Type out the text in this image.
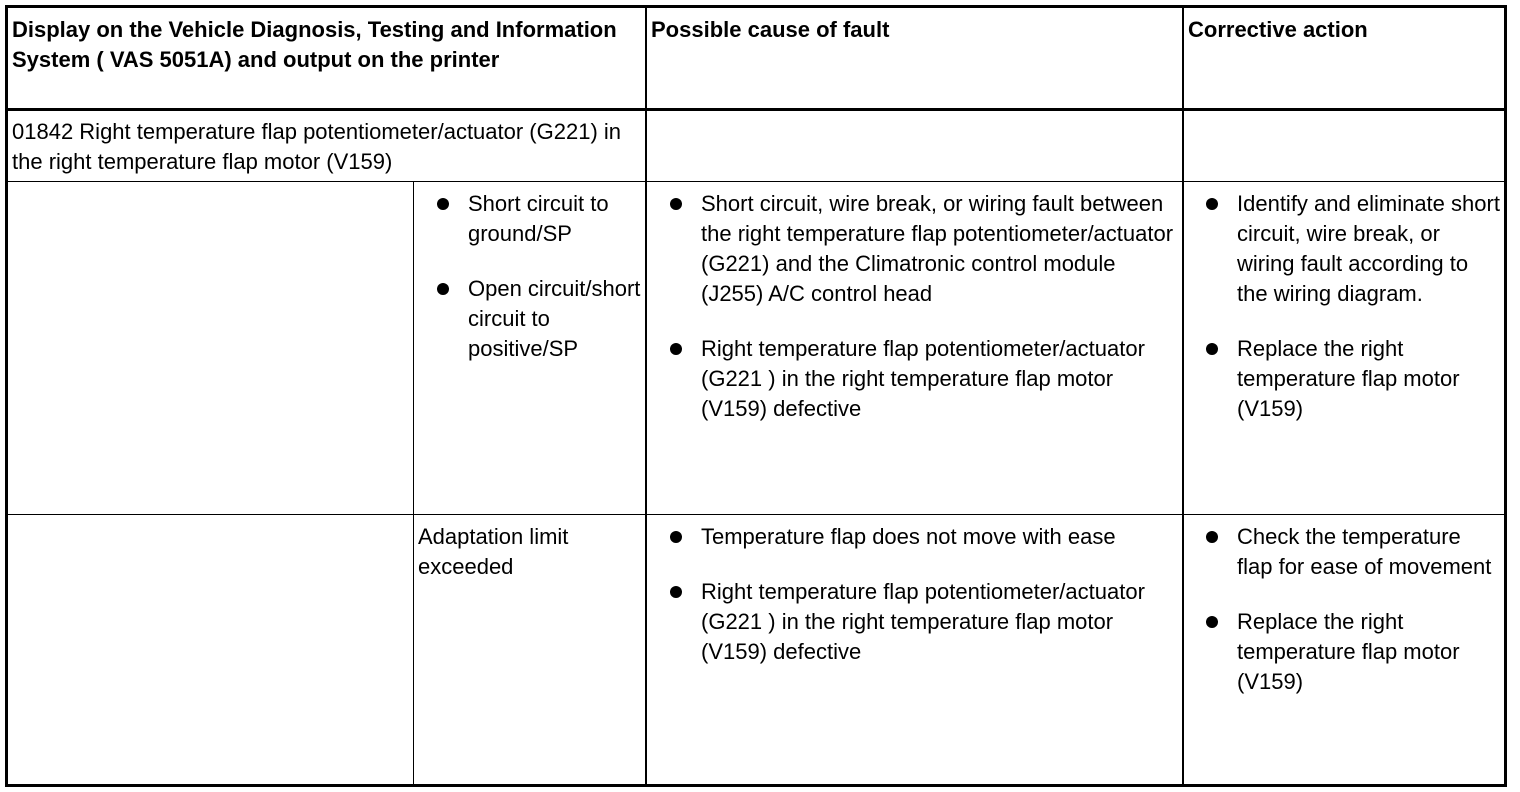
Display on the Vehicle Diagnosis, Testing and Information System ( VAS 5051A) and output on the printer
Possible cause of fault	Corrective action
01842 Right temperature flap potentiometer/actuator (G221) in the right temperature flap motor (V159)
Short circuit to ground/SP
Open circuit/short circuit to positive/SP
Short circuit, wire break, or wiring fault between the right temperature flap potentiometer/actuator (G221) and the Climatronic control module (J255) A/C control head
Right temperature flap potentiometer/actuator (G221 ) in the right temperature flap motor (V159) defective
Identify and eliminate short circuit, wire break, or wiring fault according to the wiring diagram.
Replace the right temperature flap motor (V159)
Adaptation limit exceeded
Temperature flap does not move with ease
Right temperature flap potentiometer/actuator (G221 ) in the right temperature flap motor (V159) defective
Check the temperature flap for ease of movement
Replace the right temperature flap motor (V159)
